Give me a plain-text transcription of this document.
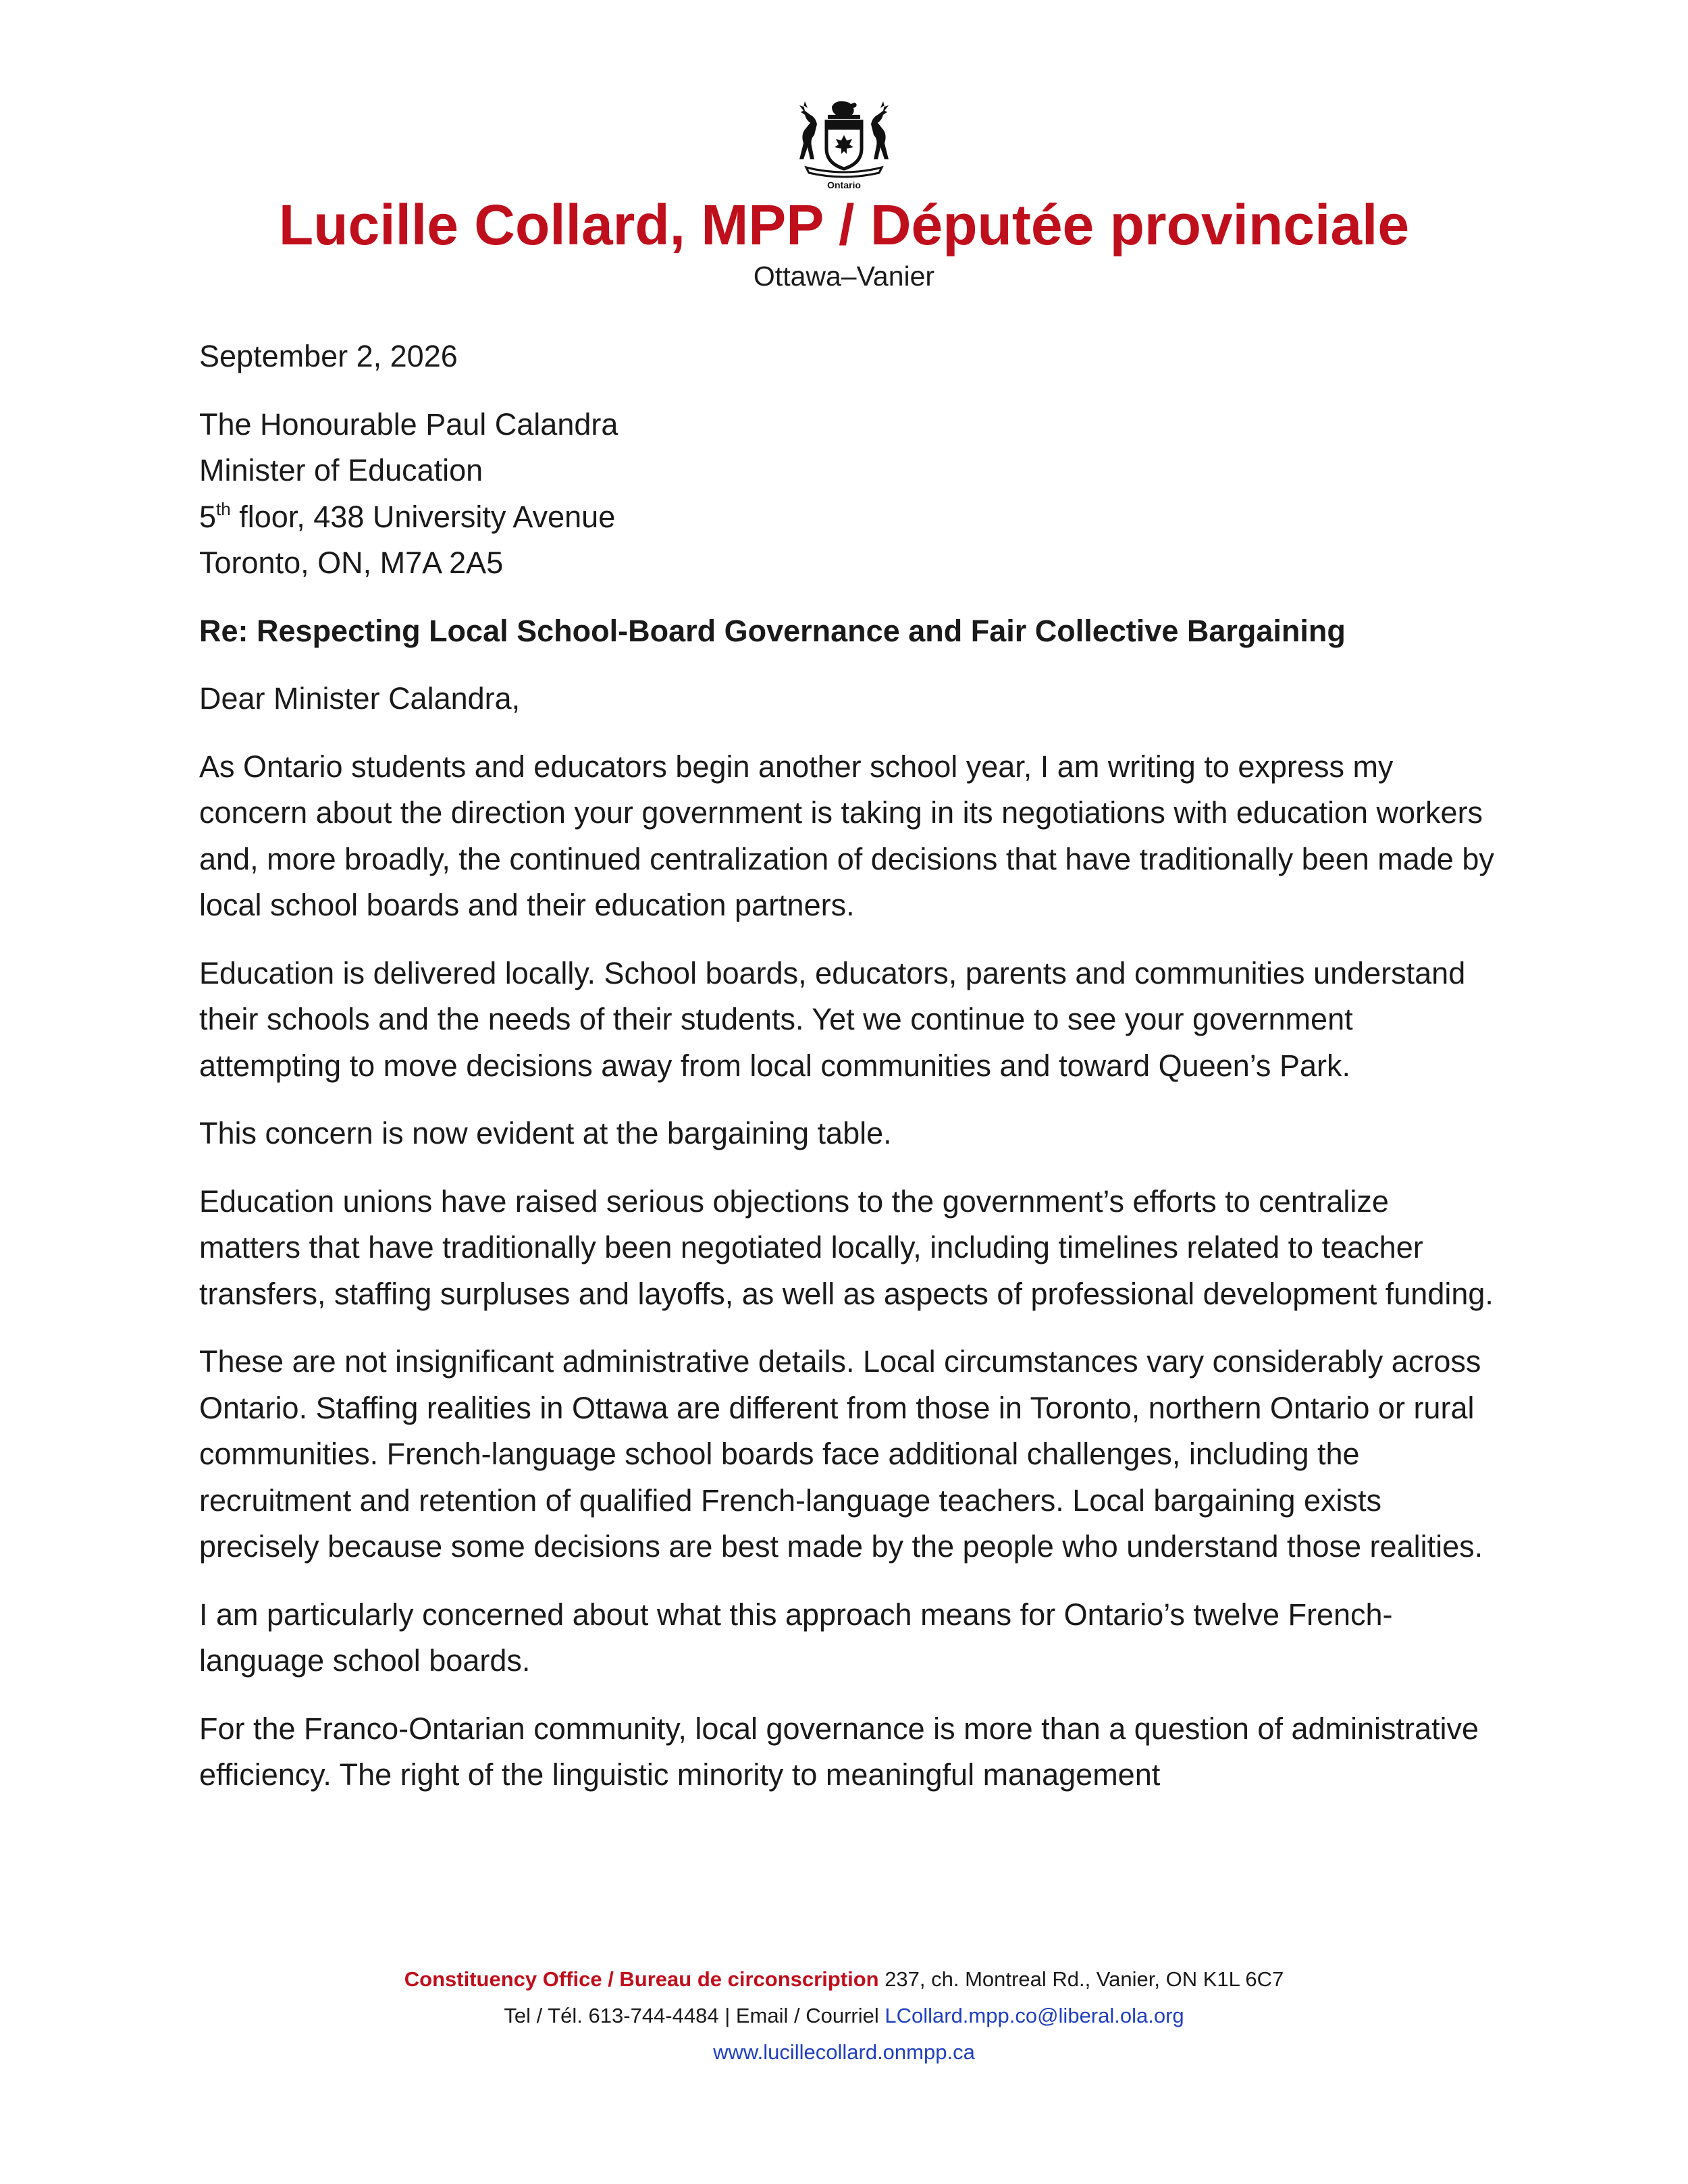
Ontario
Lucille Collard, MPP / Députée provinciale
Ottawa–Vanier

September 2, 2026

The Honourable Paul Calandra
Minister of Education
5th floor, 438 University Avenue
Toronto, ON, M7A 2A5

Re: Respecting Local School-Board Governance and Fair Collective Bargaining

Dear Minister Calandra,

As Ontario students and educators begin another school year, I am writing to express my concern about the direction your government is taking in its negotiations with education workers and, more broadly, the continued centralization of decisions that have traditionally been made by local school boards and their education partners.

Education is delivered locally. School boards, educators, parents and communities understand their schools and the needs of their students. Yet we continue to see your government attempting to move decisions away from local communities and toward Queen’s Park.

This concern is now evident at the bargaining table.

Education unions have raised serious objections to the government’s efforts to centralize matters that have traditionally been negotiated locally, including timelines related to teacher transfers, staffing surpluses and layoffs, as well as aspects of professional development funding.

These are not insignificant administrative details. Local circumstances vary considerably across Ontario. Staffing realities in Ottawa are different from those in Toronto, northern Ontario or rural communities. French-language school boards face additional challenges, including the recruitment and retention of qualified French-language teachers. Local bargaining exists precisely because some decisions are best made by the people who understand those realities.

I am particularly concerned about what this approach means for Ontario’s twelve French-language school boards.

For the Franco-Ontarian community, local governance is more than a question of administrative efficiency. The right of the linguistic minority to meaningful management

Constituency Office / Bureau de circonscription 237, ch. Montreal Rd., Vanier, ON K1L 6C7
Tel / Tél. 613-744-4484 | Email / Courriel LCollard.mpp.co@liberal.ola.org
www.lucillecollard.onmpp.ca
